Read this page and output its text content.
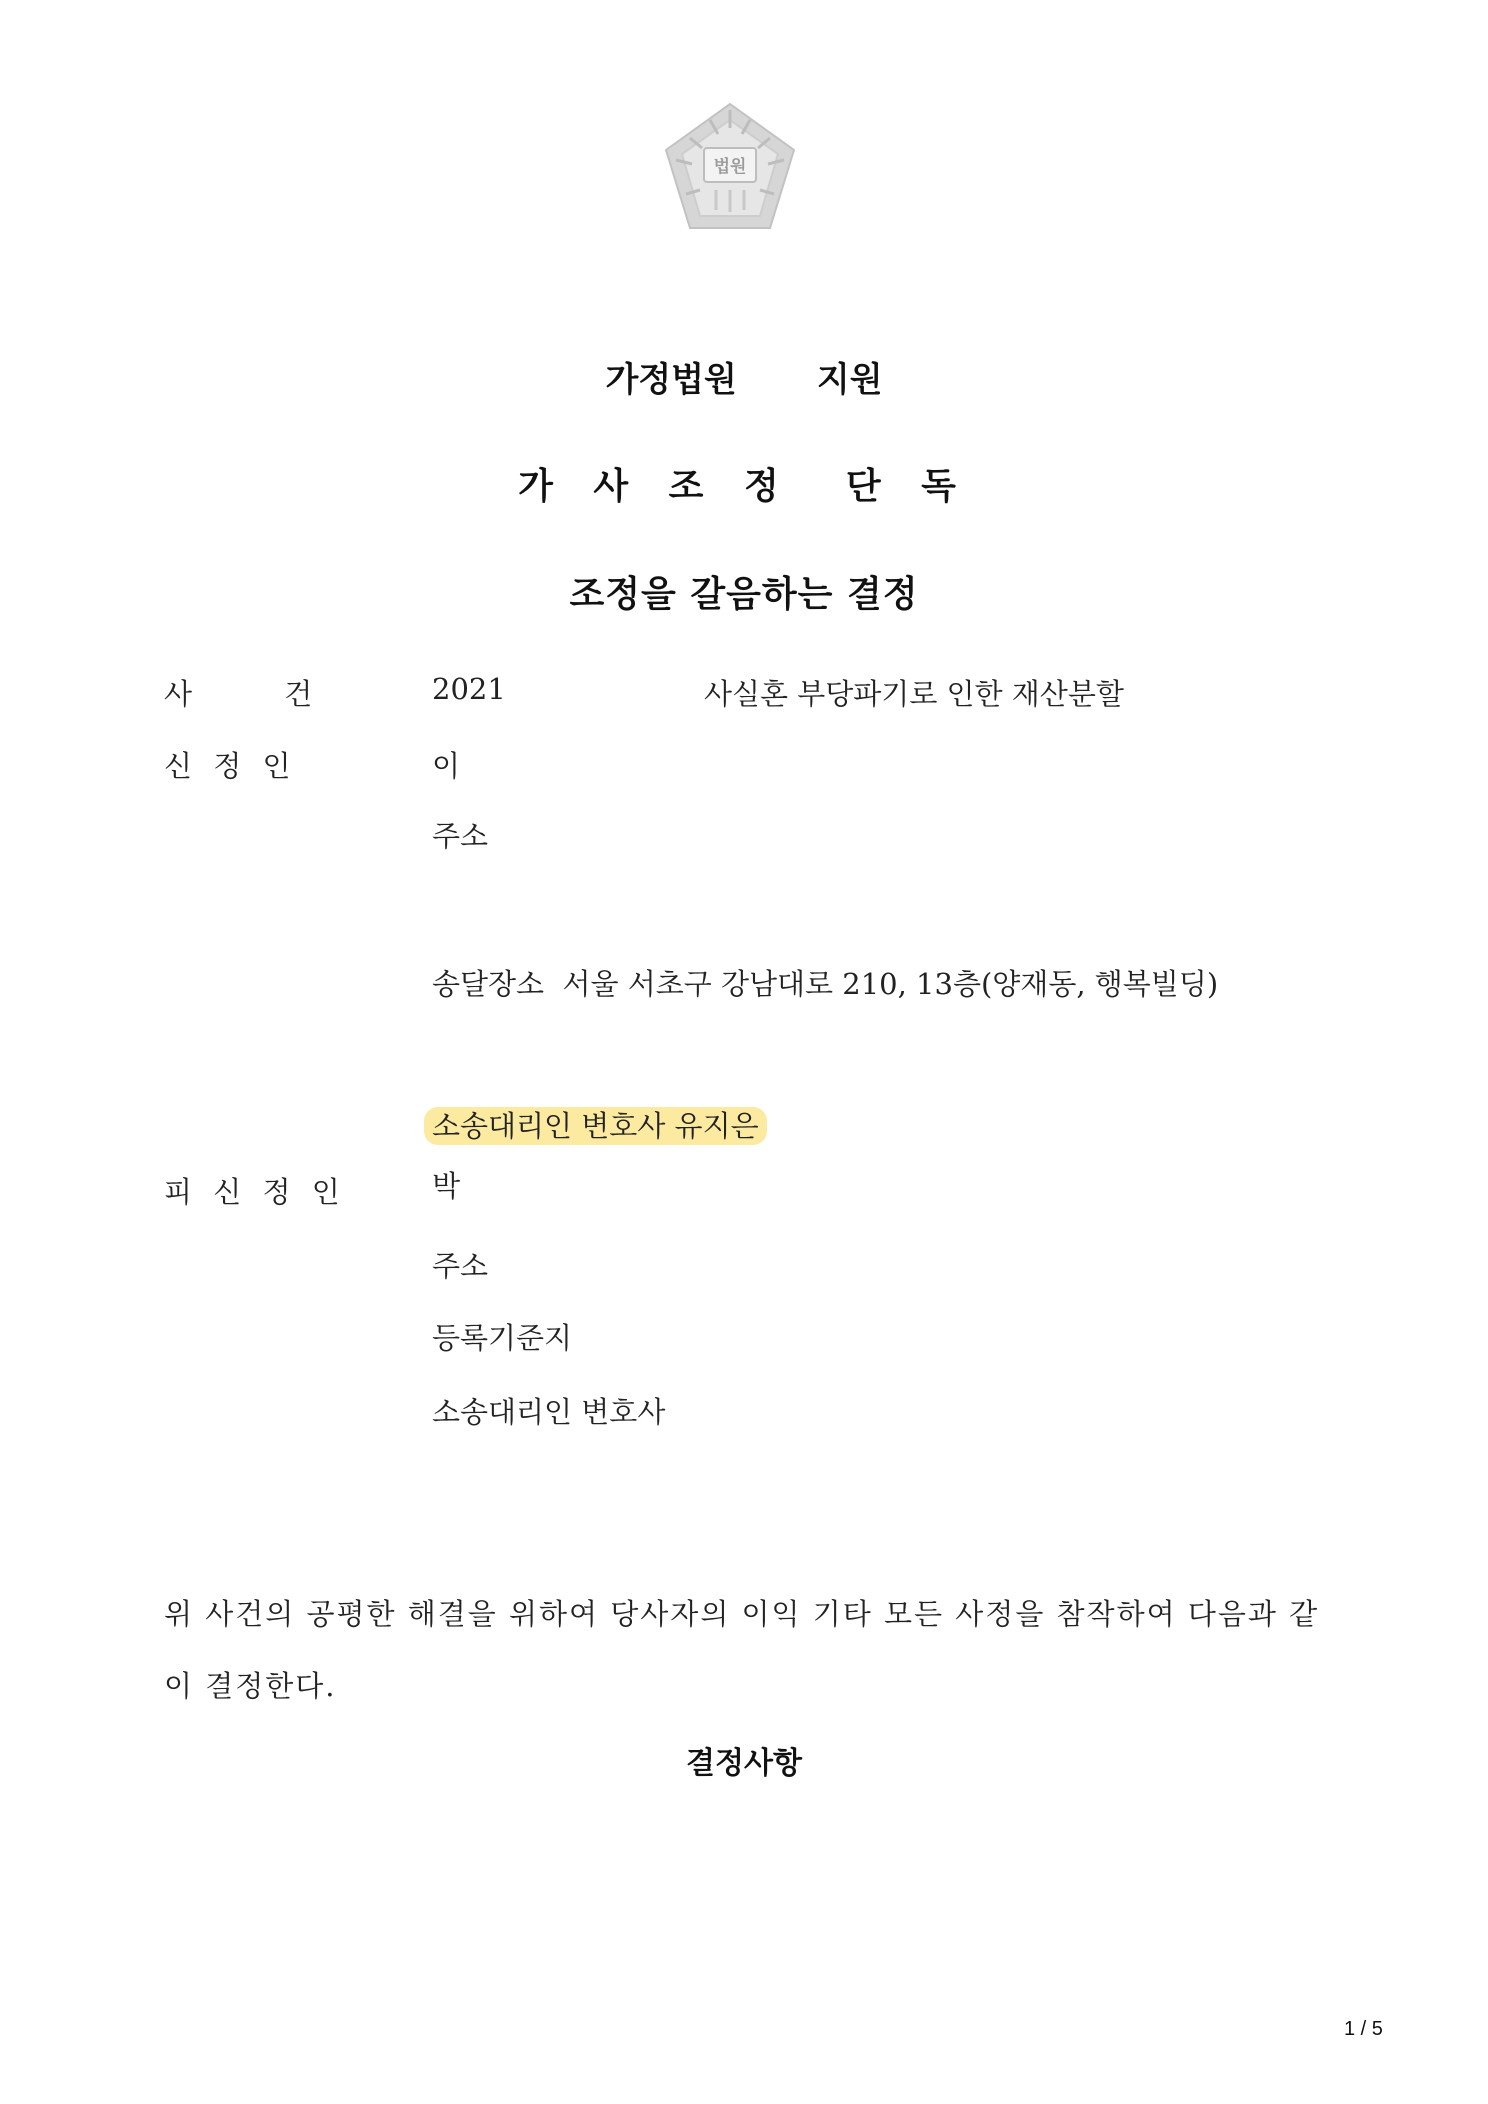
법원
가정법원 지원
가 사 조 정  단 독
조정을 갈음하는 결정
사          건	2021	사실혼 부당파기로 인한 재산분할
신 정 인	이
주소
송달장소  서울 서초구 강남대로 210, 13층(양재동, 행복빌딩)
소송대리인 변호사 유지은
피 신 정 인	박
주소
등록기준지
소송대리인 변호사
위 사건의 공평한 해결을 위하여 당사자의 이익 기타 모든 사정을 참작하여 다음과 같
이 결정한다.
결정사항
1 / 5
